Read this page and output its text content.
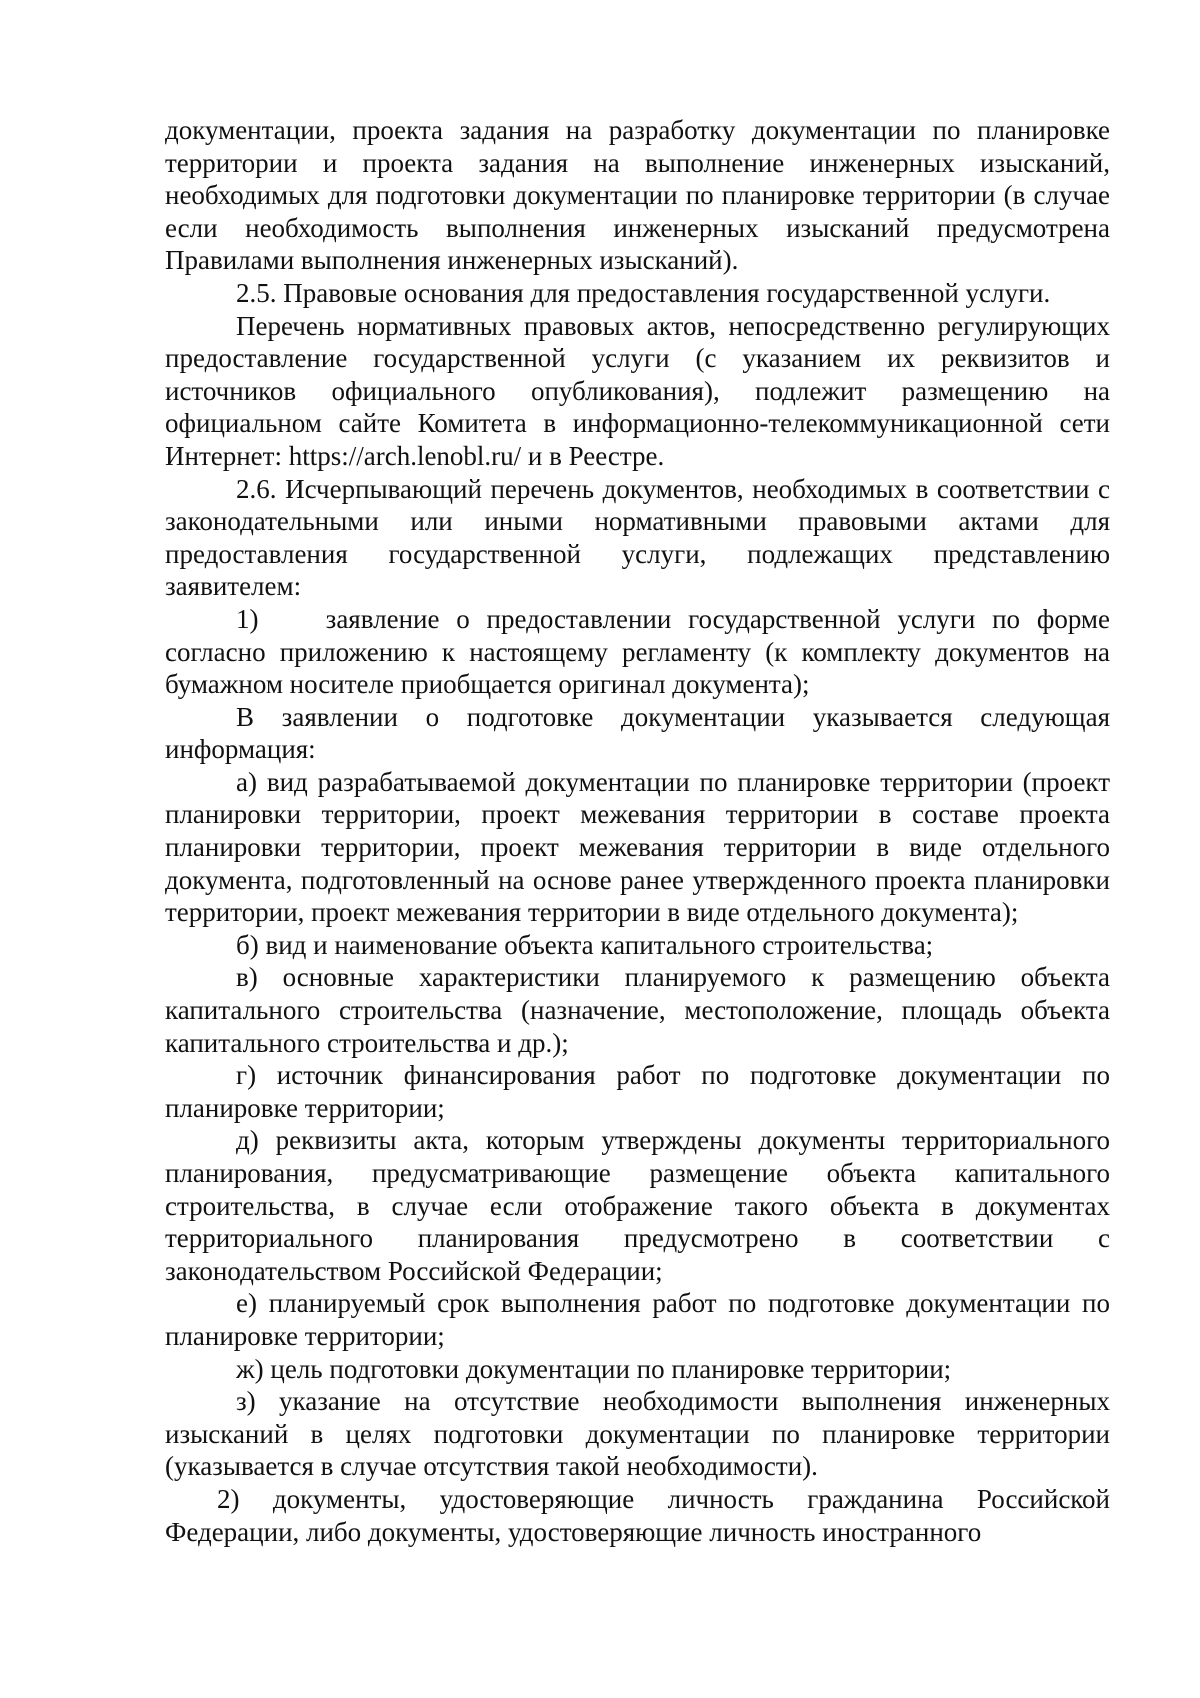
документации, проекта задания на разработку документации по планировке территории и проекта задания на выполнение инженерных изысканий, необходимых для подготовки документации по планировке территории (в случае если необходимость выполнения инженерных изысканий предусмотрена Правилами выполнения инженерных изысканий).

2.5. Правовые основания для предоставления государственной услуги.

Перечень нормативных правовых актов, непосредственно регулирующих предоставление государственной услуги (с указанием их реквизитов и источников официального опубликования), подлежит размещению на официальном сайте Комитета в информационно-телекоммуникационной сети Интернет: https://arch.lenobl.ru/ и в Реестре.

2.6. Исчерпывающий перечень документов, необходимых в соответствии с законодательными или иными нормативными правовыми актами для предоставления государственной услуги, подлежащих представлению заявителем:

1)    заявление о предоставлении государственной услуги по форме согласно приложению к настоящему регламенту (к комплекту документов на бумажном носителе приобщается оригинал документа);

В заявлении о подготовке документации указывается следующая информация:

а) вид разрабатываемой документации по планировке территории (проект планировки территории, проект межевания территории в составе проекта планировки территории, проект межевания территории в виде отдельного документа, подготовленный на основе ранее утвержденного проекта планировки территории, проект межевания территории в виде отдельного документа);

б) вид и наименование объекта капитального строительства;

в) основные характеристики планируемого к размещению объекта капитального строительства (назначение, местоположение, площадь объекта капитального строительства и др.);

г) источник финансирования работ по подготовке документации по планировке территории;

д) реквизиты акта, которым утверждены документы территориального планирования, предусматривающие размещение объекта капитального строительства, в случае если отображение такого объекта в документах территориального планирования предусмотрено в соответствии с законодательством Российской Федерации;

е) планируемый срок выполнения работ по подготовке документации по планировке территории;

ж) цель подготовки документации по планировке территории;

з) указание на отсутствие необходимости выполнения инженерных изысканий в целях подготовки документации по планировке территории (указывается в случае отсутствия такой необходимости).

2) документы, удостоверяющие личность гражданина Российской Федерации, либо документы, удостоверяющие личность иностранного
